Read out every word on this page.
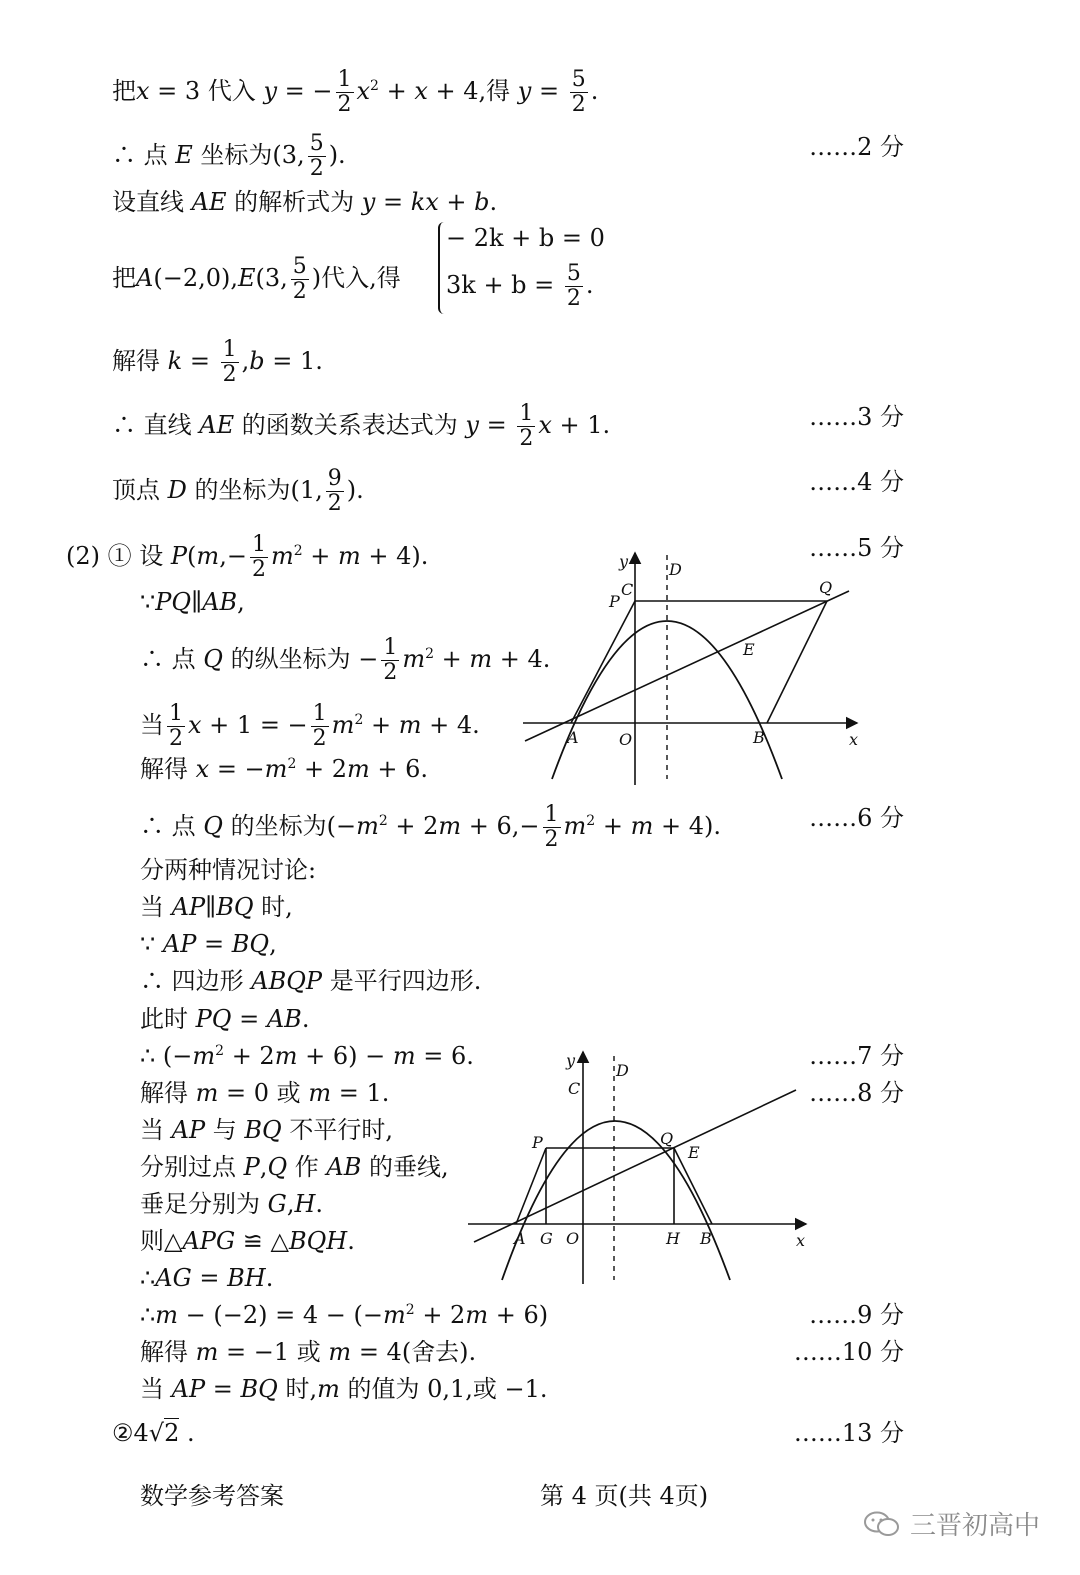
把x = 3 代入 y = − $\frac{1}{2} x^2 + x + 4$,得 $y = \frac{5}{2}$ .
∴ 点 E 坐标为(3, $\frac{5}{2}$ ).	……2 分
设直线 AE 的解析式为 y = kx + b.
把A(−2,0),E(3, $\frac{5}{2}$ )代入,得
− 2k + b = 0
$3k + b = \frac{5}{2}$ .
解得 $k = \frac{1}{2} ,b = 1$.
∴ 直线 AE 的函数关系表达式为 $y = \frac{1}{2}$ x + 1.	……3 分
顶点 D 的坐标为(1, $\frac{9}{2}$ ).	……4 分
(2) ① 设 $P(m,- \frac{1}{2} m^2 + m + 4)$.	……5 分
∵PQ∥AB,
∴ 点 Q 的纵坐标为 − $\frac{1}{2} m^2 + m + 4$.
当 $\frac{1}{2}$ x + 1 = − $\frac{1}{2} m^2 + m + 4$.
解得 $x = -m^2 + 2m + 6$.
∴ 点 Q 的坐标为$(-m^2 + 2m + 6,- \frac{1}{2} m^2 + m + 4)$.	……6 分
分两种情况讨论:
当 AP∥BQ 时,
∵ AP = BQ,
∴ 四边形 ABQP 是平行四边形.
此时 PQ = AB.
∴ $(-m^2 + 2m + 6) - m = 6$.	……7 分
解得 m = 0 或 m = 1.	……8 分
当 AP 与 BQ 不平行时,
分别过点 P,Q 作 AB 的垂线,
垂足分别为 G,H.
则△APG ≌ △BQH.
∴AG = BH.
∴m − $(-2) = 4 - (-m^2 + 2m + 6)$	……9 分
解得 m = −1 或 m = 4(舍去).	……10 分
当 AP = BQ 时,m 的值为 0,1,或 −1.
②4√2 .	……13 分
y
C
D
P
Q
E
A	O	B	x
y
C
D
P	Q
E
A G O	H B	x
数学参考答案	第 4 页(共 4页)
三晋初高中
